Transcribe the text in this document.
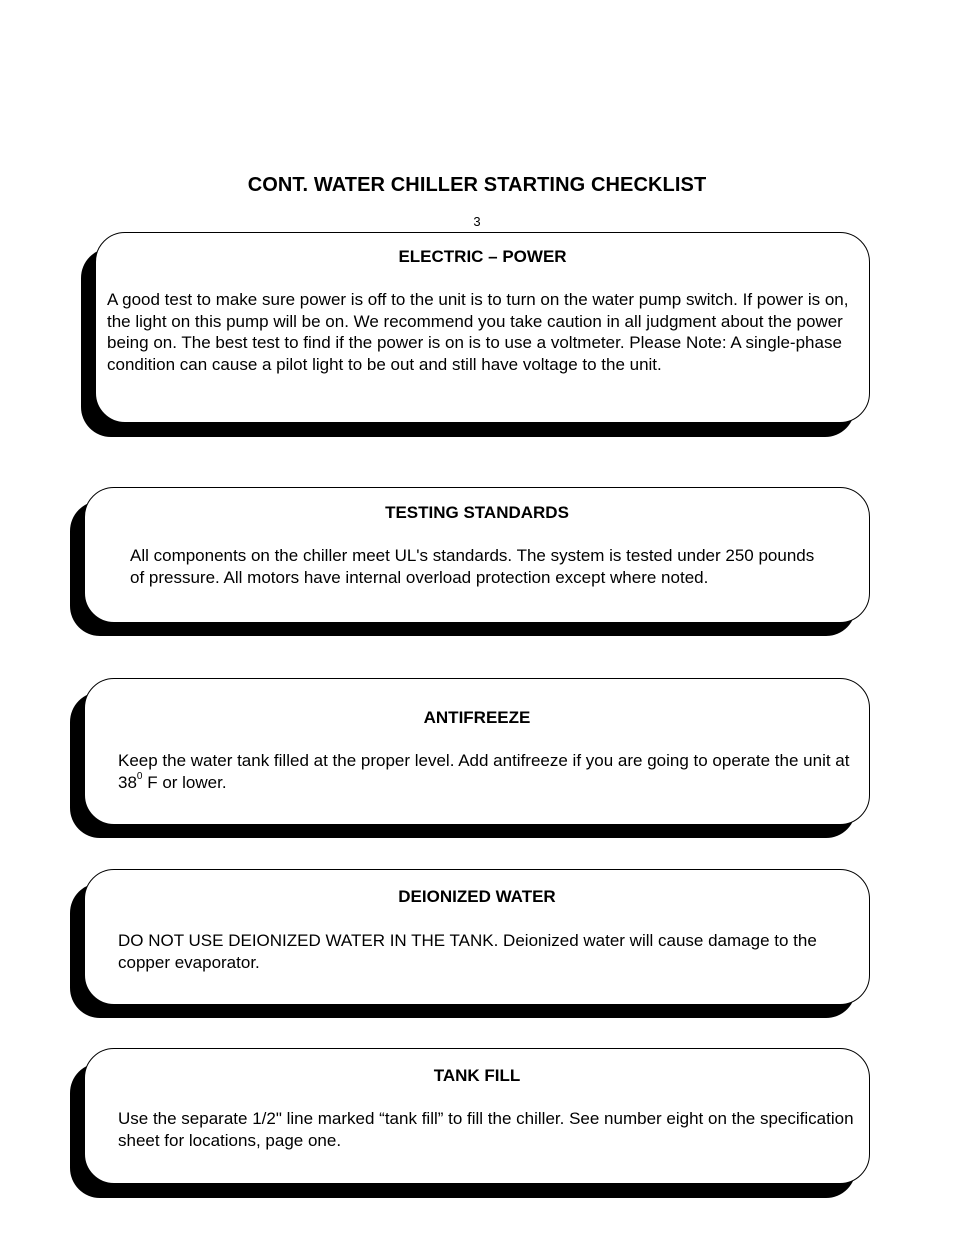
CONT. WATER CHILLER STARTING CHECKLIST
3
ELECTRIC – POWER
A good test to make sure power is off to the unit is to turn on the water pump switch. If power is on, the light on this pump will be on. We recommend you take caution in all judgment about the power being on. The best test to find if the power is on is to use a voltmeter. Please Note: A single-phase condition can cause a pilot light to be out and still have voltage to the unit.
TESTING STANDARDS
All components on the chiller meet UL's standards. The system is tested under 250 pounds of pressure. All motors have internal overload protection except where noted.
ANTIFREEZE
Keep the water tank filled at the proper level. Add antifreeze if you are going to operate the unit at $38^0$ F or lower.
DEIONIZED WATER
DO NOT USE DEIONIZED WATER IN THE TANK. Deionized water will cause damage to the copper evaporator.
TANK FILL
Use the separate 1/2" line marked “tank fill” to fill the chiller. See number eight on the specification sheet for locations, page one.
